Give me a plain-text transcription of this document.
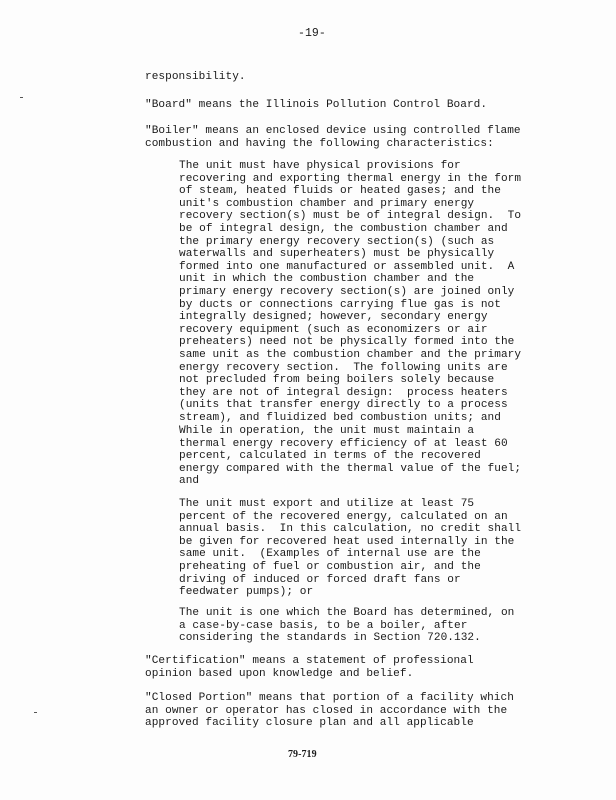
-19-
responsibility.
"Board" means the Illinois Pollution Control Board.
"Boiler" means an enclosed device using controlled flame
combustion and having the following characteristics:
The unit must have physical provisions for
recovering and exporting thermal energy in the form
of steam, heated fluids or heated gases; and the
unit's combustion chamber and primary energy
recovery section(s) must be of integral design.  To
be of integral design, the combustion chamber and
the primary energy recovery section(s) (such as
waterwalls and superheaters) must be physically
formed into one manufactured or assembled unit.  A
unit in which the combustion chamber and the
primary energy recovery section(s) are joined only
by ducts or connections carrying flue gas is not
integrally designed; however, secondary energy
recovery equipment (such as economizers or air
preheaters) need not be physically formed into the
same unit as the combustion chamber and the primary
energy recovery section.  The following units are
not precluded from being boilers solely because
they are not of integral design:  process heaters
(units that transfer energy directly to a process
stream), and fluidized bed combustion units; and
While in operation, the unit must maintain a
thermal energy recovery efficiency of at least 60
percent, calculated in terms of the recovered
energy compared with the thermal value of the fuel;
and
The unit must export and utilize at least 75
percent of the recovered energy, calculated on an
annual basis.  In this calculation, no credit shall
be given for recovered heat used internally in the
same unit.  (Examples of internal use are the
preheating of fuel or combustion air, and the
driving of induced or forced draft fans or
feedwater pumps); or
The unit is one which the Board has determined, on
a case-by-case basis, to be a boiler, after
considering the standards in Section 720.132.
"Certification" means a statement of professional
opinion based upon knowledge and belief.
"Closed Portion" means that portion of a facility which
an owner or operator has closed in accordance with the
approved facility closure plan and all applicable
79-719
